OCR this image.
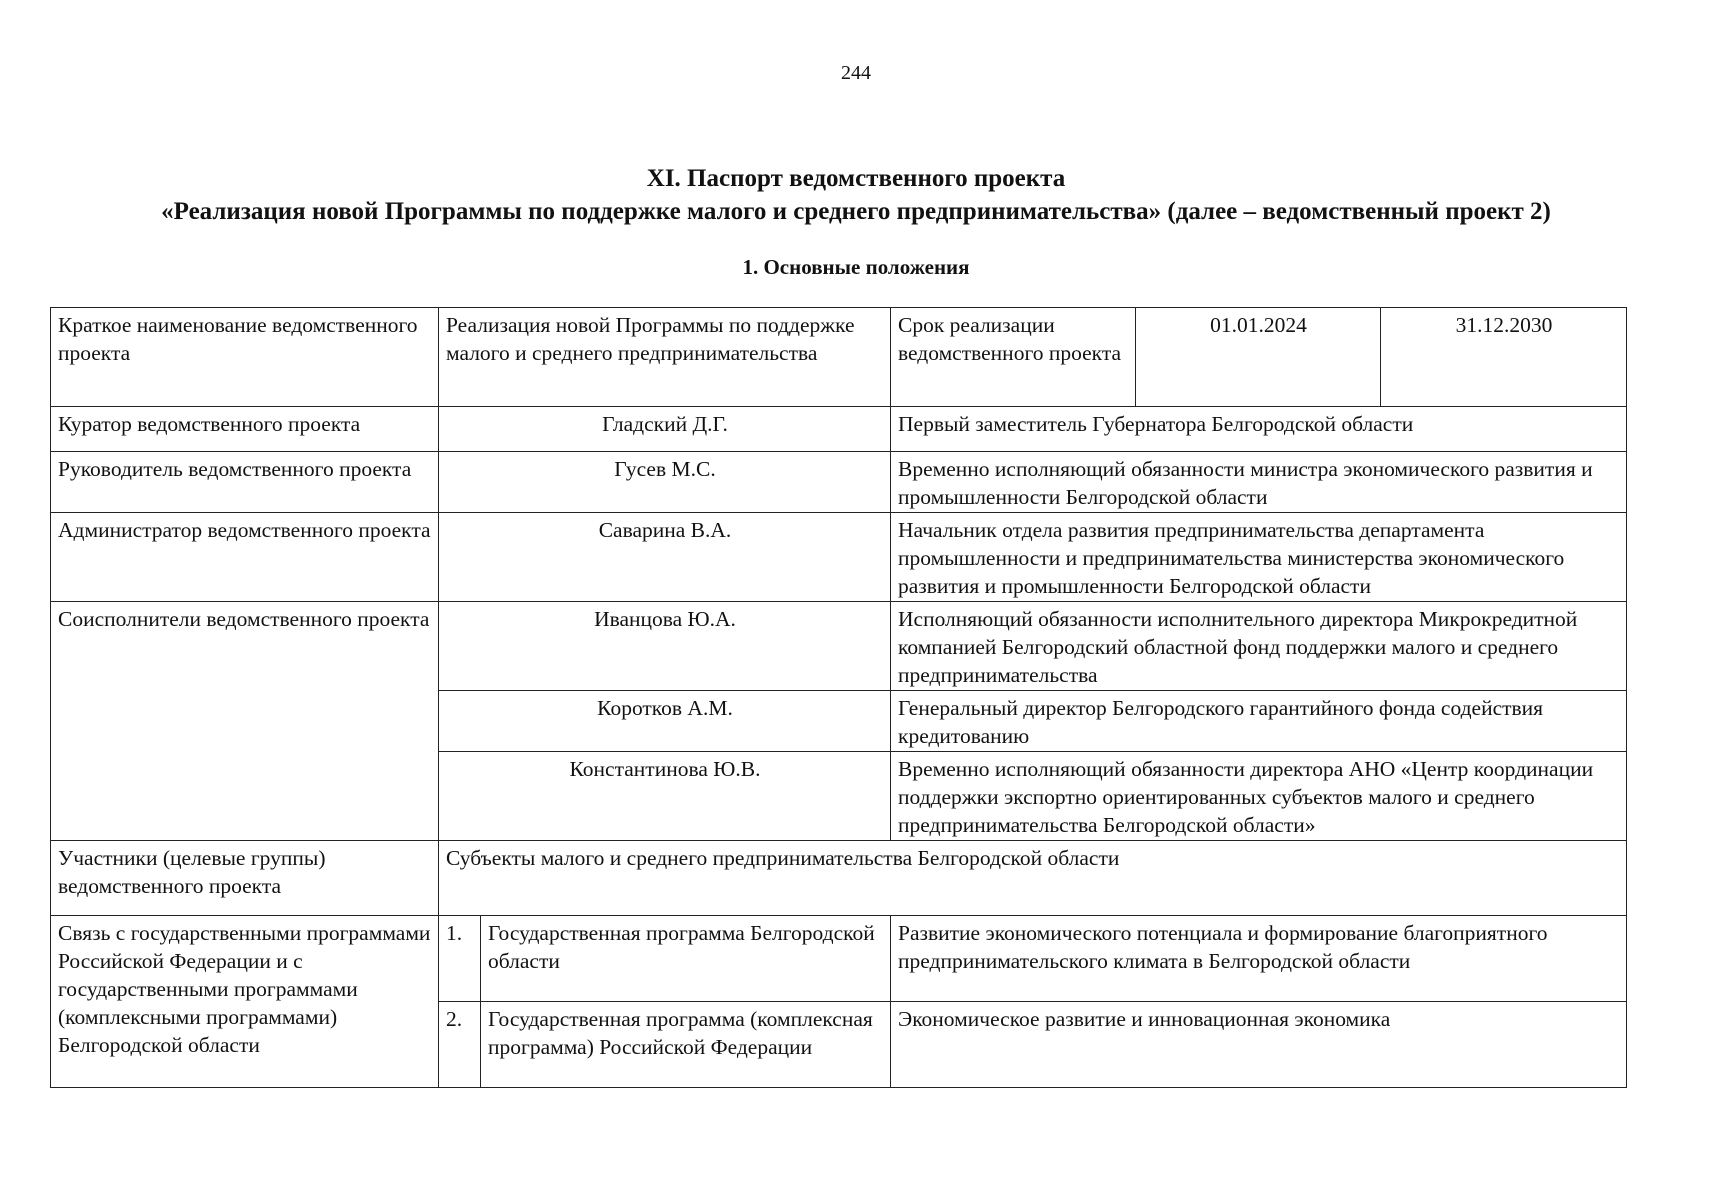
244
XI. Паспорт ведомственного проекта
«Реализация новой Программы по поддержке малого и среднего предпринимательства» (далее – ведомственный проект 2)
1. Основные положения
Краткое наименование ведомственного проекта	Реализация новой Программы по поддержке малого и среднего предпринимательства		Срок реализации ведомственного проекта	01.01.2024	31.12.2030
Куратор ведомственного проекта	Гладский Д.Г.		Первый заместитель Губернатора Белгородской области		
Руководитель ведомственного проекта	Гусев М.С.		Временно исполняющий обязанности министра экономического развития и промышленности Белгородской области		
Администратор ведомственного проекта	Саварина В.А.		Начальник отдела развития предпринимательства департамента промышленности и предпринимательства министерства экономического развития и промышленности Белгородской области		
Соисполнители ведомственного проекта	Иванцова Ю.А.		Исполняющий обязанности исполнительного директора Микрокредитной компанией Белгородский областной фонд поддержки малого и среднего предпринимательства		
	Коротков А.М.		Генеральный директор Белгородского гарантийного фонда содействия кредитованию		
	Константинова Ю.В.		Временно исполняющий обязанности директора АНО «Центр координации поддержки экспортно ориентированных субъектов малого и среднего предпринимательства Белгородской области»		
Участники (целевые группы) ведомственного проекта	Субъекты малого и среднего предпринимательства Белгородской области				
Связь с государственными программами Российской Федерации и с государственными программами (комплексными программами) Белгородской области	1.	Государственная программа Белгородской области	Развитие экономического потенциала и формирование благоприятного предпринимательского климата в Белгородской области		
	2.	Государственная программа (комплексная программа) Российской Федерации	Экономическое развитие и инновационная экономика		
